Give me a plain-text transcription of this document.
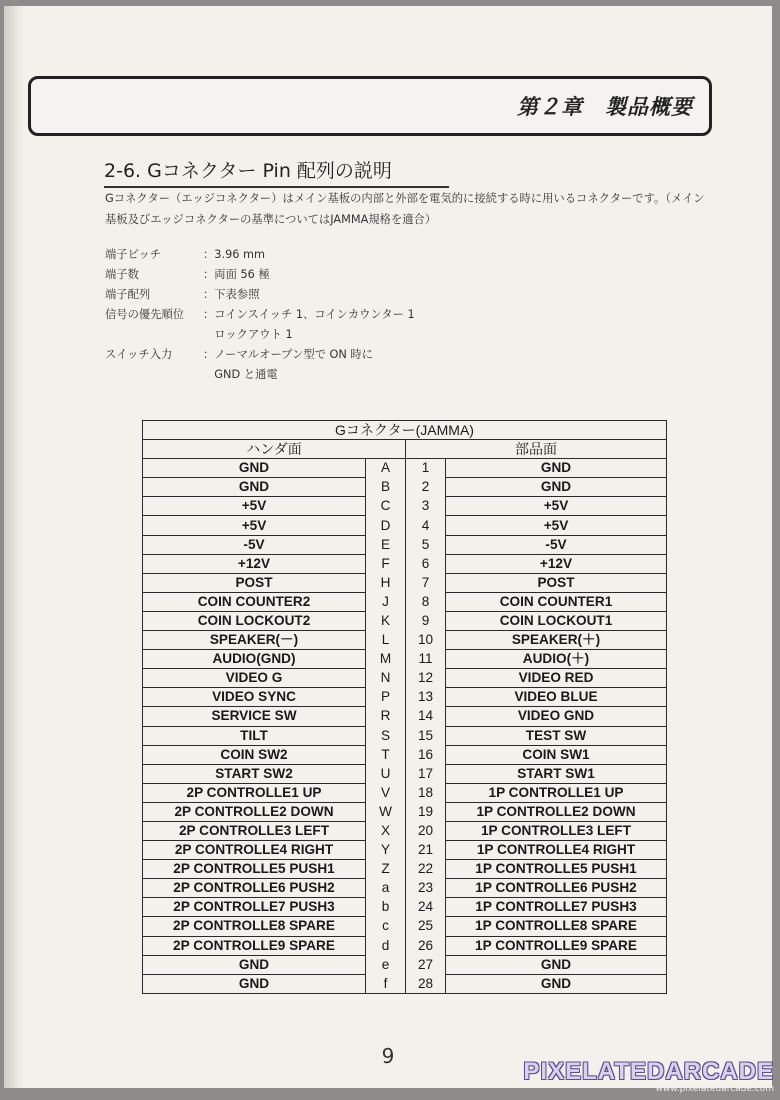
第２章　製品概要
2-6. Gコネクター Pin 配列の説明
Gコネクター（エッジコネクター）はメイン基板の内部と外部を電気的に接続する時に用いるコネクターです。（メイン基板及びエッジコネクターの基準についてはJAMMA規格を適合）
端子ピッチ	：3.96 mm
端子数	：両面 56 極
端子配列	：下表参照
信号の優先順位	：コインスイッチ 1、コインカウンター 1
　ロックアウト 1
スイッチ入力	：ノーマルオープン型で ON 時に
　GND と通電
Gコネクター(JAMMA)			
ハンダ面		部品面	
GND	A	1	GND
GND	B	2	GND
+5V	C	3	+5V
+5V	D	4	+5V
-5V	E	5	-5V
+12V	F	6	+12V
POST	H	7	POST
COIN COUNTER2	J	8	COIN COUNTER1
COIN LOCKOUT2	K	9	COIN LOCKOUT1
SPEAKER(－)	L	10	SPEAKER(＋)
AUDIO(GND)	M	11	AUDIO(＋)
VIDEO G	N	12	VIDEO RED
VIDEO SYNC	P	13	VIDEO BLUE
SERVICE SW	R	14	VIDEO GND
TILT	S	15	TEST SW
COIN SW2	T	16	COIN SW1
START SW2	U	17	START SW1
2P CONTROLLE1 UP	V	18	1P CONTROLLE1 UP
2P CONTROLLE2 DOWN	W	19	1P CONTROLLE2 DOWN
2P CONTROLLE3 LEFT	X	20	1P CONTROLLE3 LEFT
2P CONTROLLE4 RIGHT	Y	21	1P CONTROLLE4 RIGHT
2P CONTROLLE5 PUSH1	Z	22	1P CONTROLLE5 PUSH1
2P CONTROLLE6 PUSH2	a	23	1P CONTROLLE6 PUSH2
2P CONTROLLE7 PUSH3	b	24	1P CONTROLLE7 PUSH3
2P CONTROLLE8 SPARE	c	25	1P CONTROLLE8 SPARE
2P CONTROLLE9 SPARE	d	26	1P CONTROLLE9 SPARE
GND	e	27	GND
GND	f	28	GND
9
PIXELATEDARCADE
www.pixelatedarcade.com
